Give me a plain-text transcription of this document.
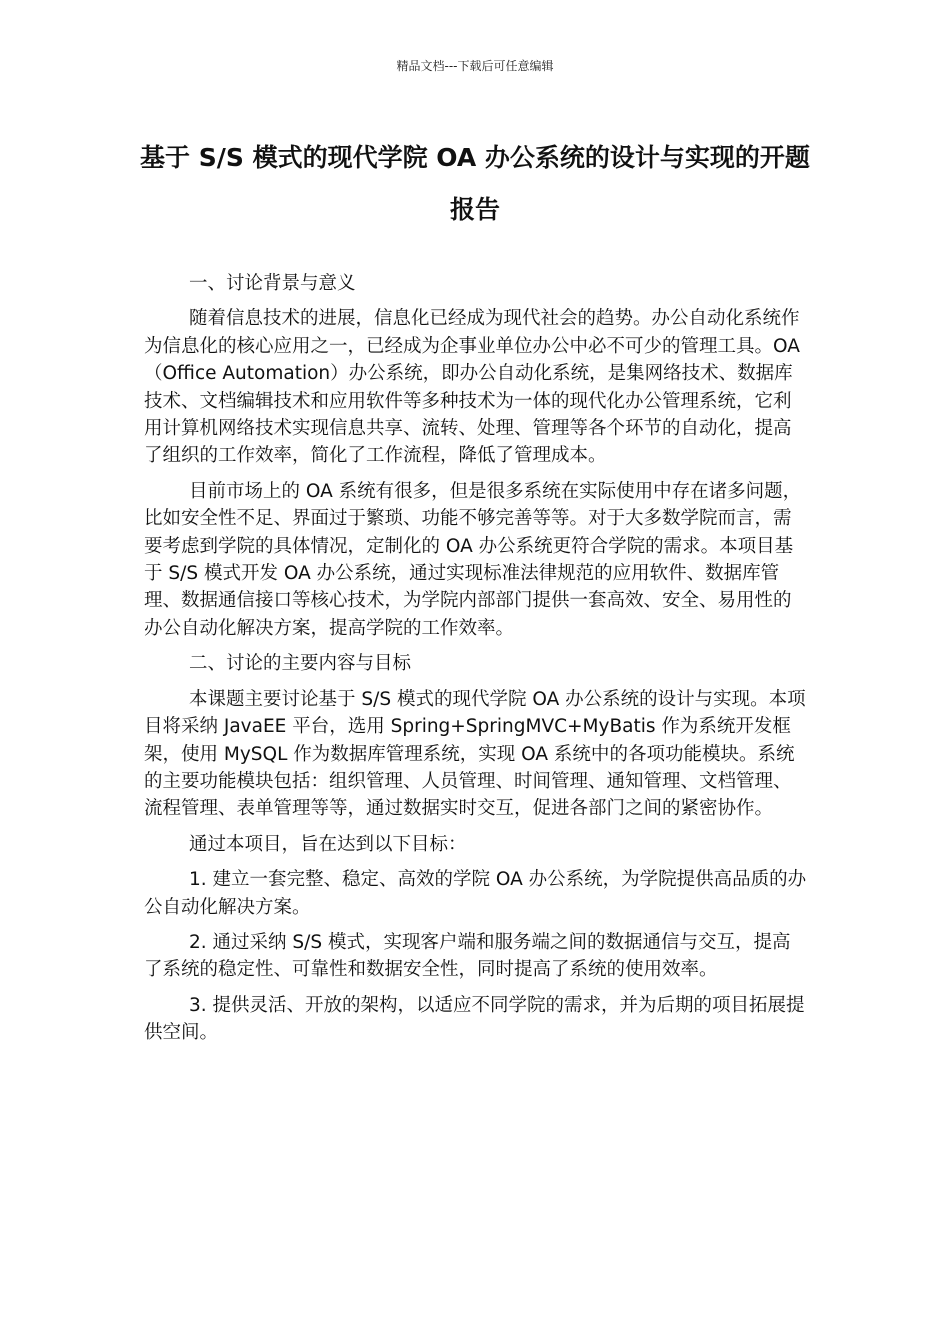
精品文档---下载后可任意编辑
基于 S/S 模式的现代学院 OA 办公系统的设计与实现的开题报告

一、讨论背景与意义

随着信息技术的进展，信息化已经成为现代社会的趋势。办公自动化系统作为信息化的核心应用之一，已经成为企事业单位办公中必不可少的管理工具。OA（Office Automation）办公系统，即办公自动化系统，是集网络技术、数据库技术、文档编辑技术和应用软件等多种技术为一体的现代化办公管理系统，它利用计算机网络技术实现信息共享、流转、处理、管理等各个环节的自动化，提高了组织的工作效率，简化了工作流程，降低了管理成本。

目前市场上的 OA 系统有很多，但是很多系统在实际使用中存在诸多问题，比如安全性不足、界面过于繁琐、功能不够完善等等。对于大多数学院而言，需要考虑到学院的具体情况，定制化的 OA 办公系统更符合学院的需求。本项目基于 S/S 模式开发 OA 办公系统，通过实现标准法律规范的应用软件、数据库管理、数据通信接口等核心技术，为学院内部部门提供一套高效、安全、易用性的办公自动化解决方案，提高学院的工作效率。

二、讨论的主要内容与目标

本课题主要讨论基于 S/S 模式的现代学院 OA 办公系统的设计与实现。本项目将采纳 JavaEE 平台，选用 Spring+SpringMVC+MyBatis 作为系统开发框架，使用 MySQL 作为数据库管理系统，实现 OA 系统中的各项功能模块。系统的主要功能模块包括：组织管理、人员管理、时间管理、通知管理、文档管理、流程管理、表单管理等等，通过数据实时交互，促进各部门之间的紧密协作。

通过本项目，旨在达到以下目标：

1. 建立一套完整、稳定、高效的学院 OA 办公系统，为学院提供高品质的办公自动化解决方案。

2. 通过采纳 S/S 模式，实现客户端和服务端之间的数据通信与交互，提高了系统的稳定性、可靠性和数据安全性，同时提高了系统的使用效率。

3. 提供灵活、开放的架构，以适应不同学院的需求，并为后期的项目拓展提供空间。
